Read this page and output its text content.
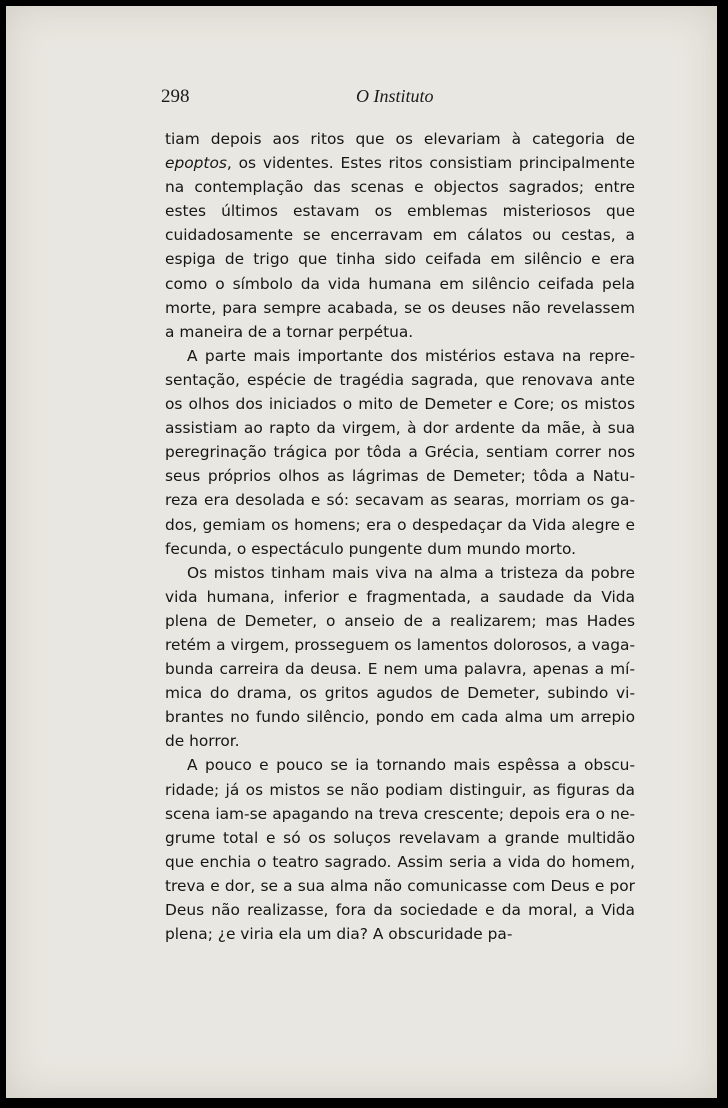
298	O Instituto

tiam depois aos ritos que os elevariam à categoria de epoptos, os videntes. Estes ritos consistiam principalmente na contemplação das scenas e objectos sagrados; entre estes últimos estavam os emblemas misteriosos que cuidadosamente se encerravam em cálatos ou cestas, a espiga de trigo que tinha sido ceifada em silêncio e era como o símbolo da vida humana em silêncio ceifada pela morte, para sempre acabada, se os deuses não revelassem a maneira de a tornar perpétua.

A parte mais importante dos mistérios estava na representação, espécie de tragédia sagrada, que renovava ante os olhos dos iniciados o mito de Demeter e Core; os mistos assistiam ao rapto da virgem, à dor ardente da mãe, à sua peregrinação trágica por tôda a Grécia, sentiam correr nos seus próprios olhos as lágrimas de Demeter; tôda a Natureza era desolada e só: secavam as searas, morriam os gados, gemiam os homens; era o despedaçar da Vida alegre e fecunda, o espectáculo pungente dum mundo morto.

Os mistos tinham mais viva na alma a tristeza da pobre vida humana, inferior e fragmentada, a saudade da Vida plena de Demeter, o anseio de a realizarem; mas Hades retém a virgem, prosseguem os lamentos dolorosos, a vagabunda carreira da deusa. E nem uma palavra, apenas a mímica do drama, os gritos agudos de Demeter, subindo vibrantes no fundo silêncio, pondo em cada alma um arrepio de horror.

A pouco e pouco se ia tornando mais espêssa a obscuridade; já os mistos se não podiam distinguir, as figuras da scena iam-se apagando na treva crescente; depois era o negrume total e só os soluços revelavam a grande multidão que enchia o teatro sagrado. Assim seria a vida do homem, treva e dor, se a sua alma não comunicasse com Deus e por Deus não realizasse, fora da sociedade e da moral, a Vida plena; ¿e viria ela um dia? A obscuridade pa-
